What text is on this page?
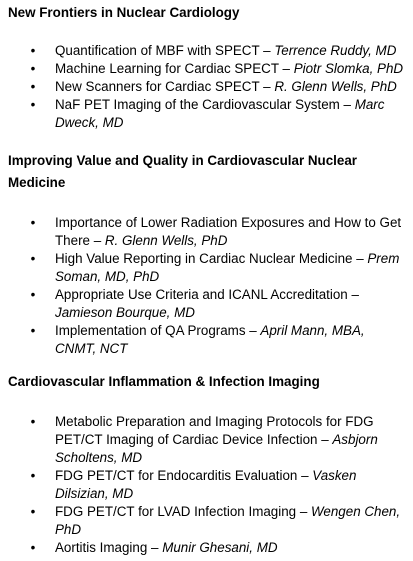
New Frontiers in Nuclear Cardiology
• Quantification of MBF with SPECT – Terrence Ruddy, MD
• Machine Learning for Cardiac SPECT – Piotr Slomka, PhD
• New Scanners for Cardiac SPECT – R. Glenn Wells, PhD
• NaF PET Imaging of the Cardiovascular System – Marc Dweck, MD
Improving Value and Quality in Cardiovascular Nuclear Medicine
• Importance of Lower Radiation Exposures and How to Get There – R. Glenn Wells, PhD
• High Value Reporting in Cardiac Nuclear Medicine – Prem Soman, MD, PhD
• Appropriate Use Criteria and ICANL Accreditation – Jamieson Bourque, MD
• Implementation of QA Programs – April Mann, MBA, CNMT, NCT
Cardiovascular Inflammation & Infection Imaging
• Metabolic Preparation and Imaging Protocols for FDG PET/CT Imaging of Cardiac Device Infection – Asbjorn Scholtens, MD
• FDG PET/CT for Endocarditis Evaluation – Vasken Dilsizian, MD
• FDG PET/CT for LVAD Infection Imaging – Wengen Chen, PhD
• Aortitis Imaging – Munir Ghesani, MD
